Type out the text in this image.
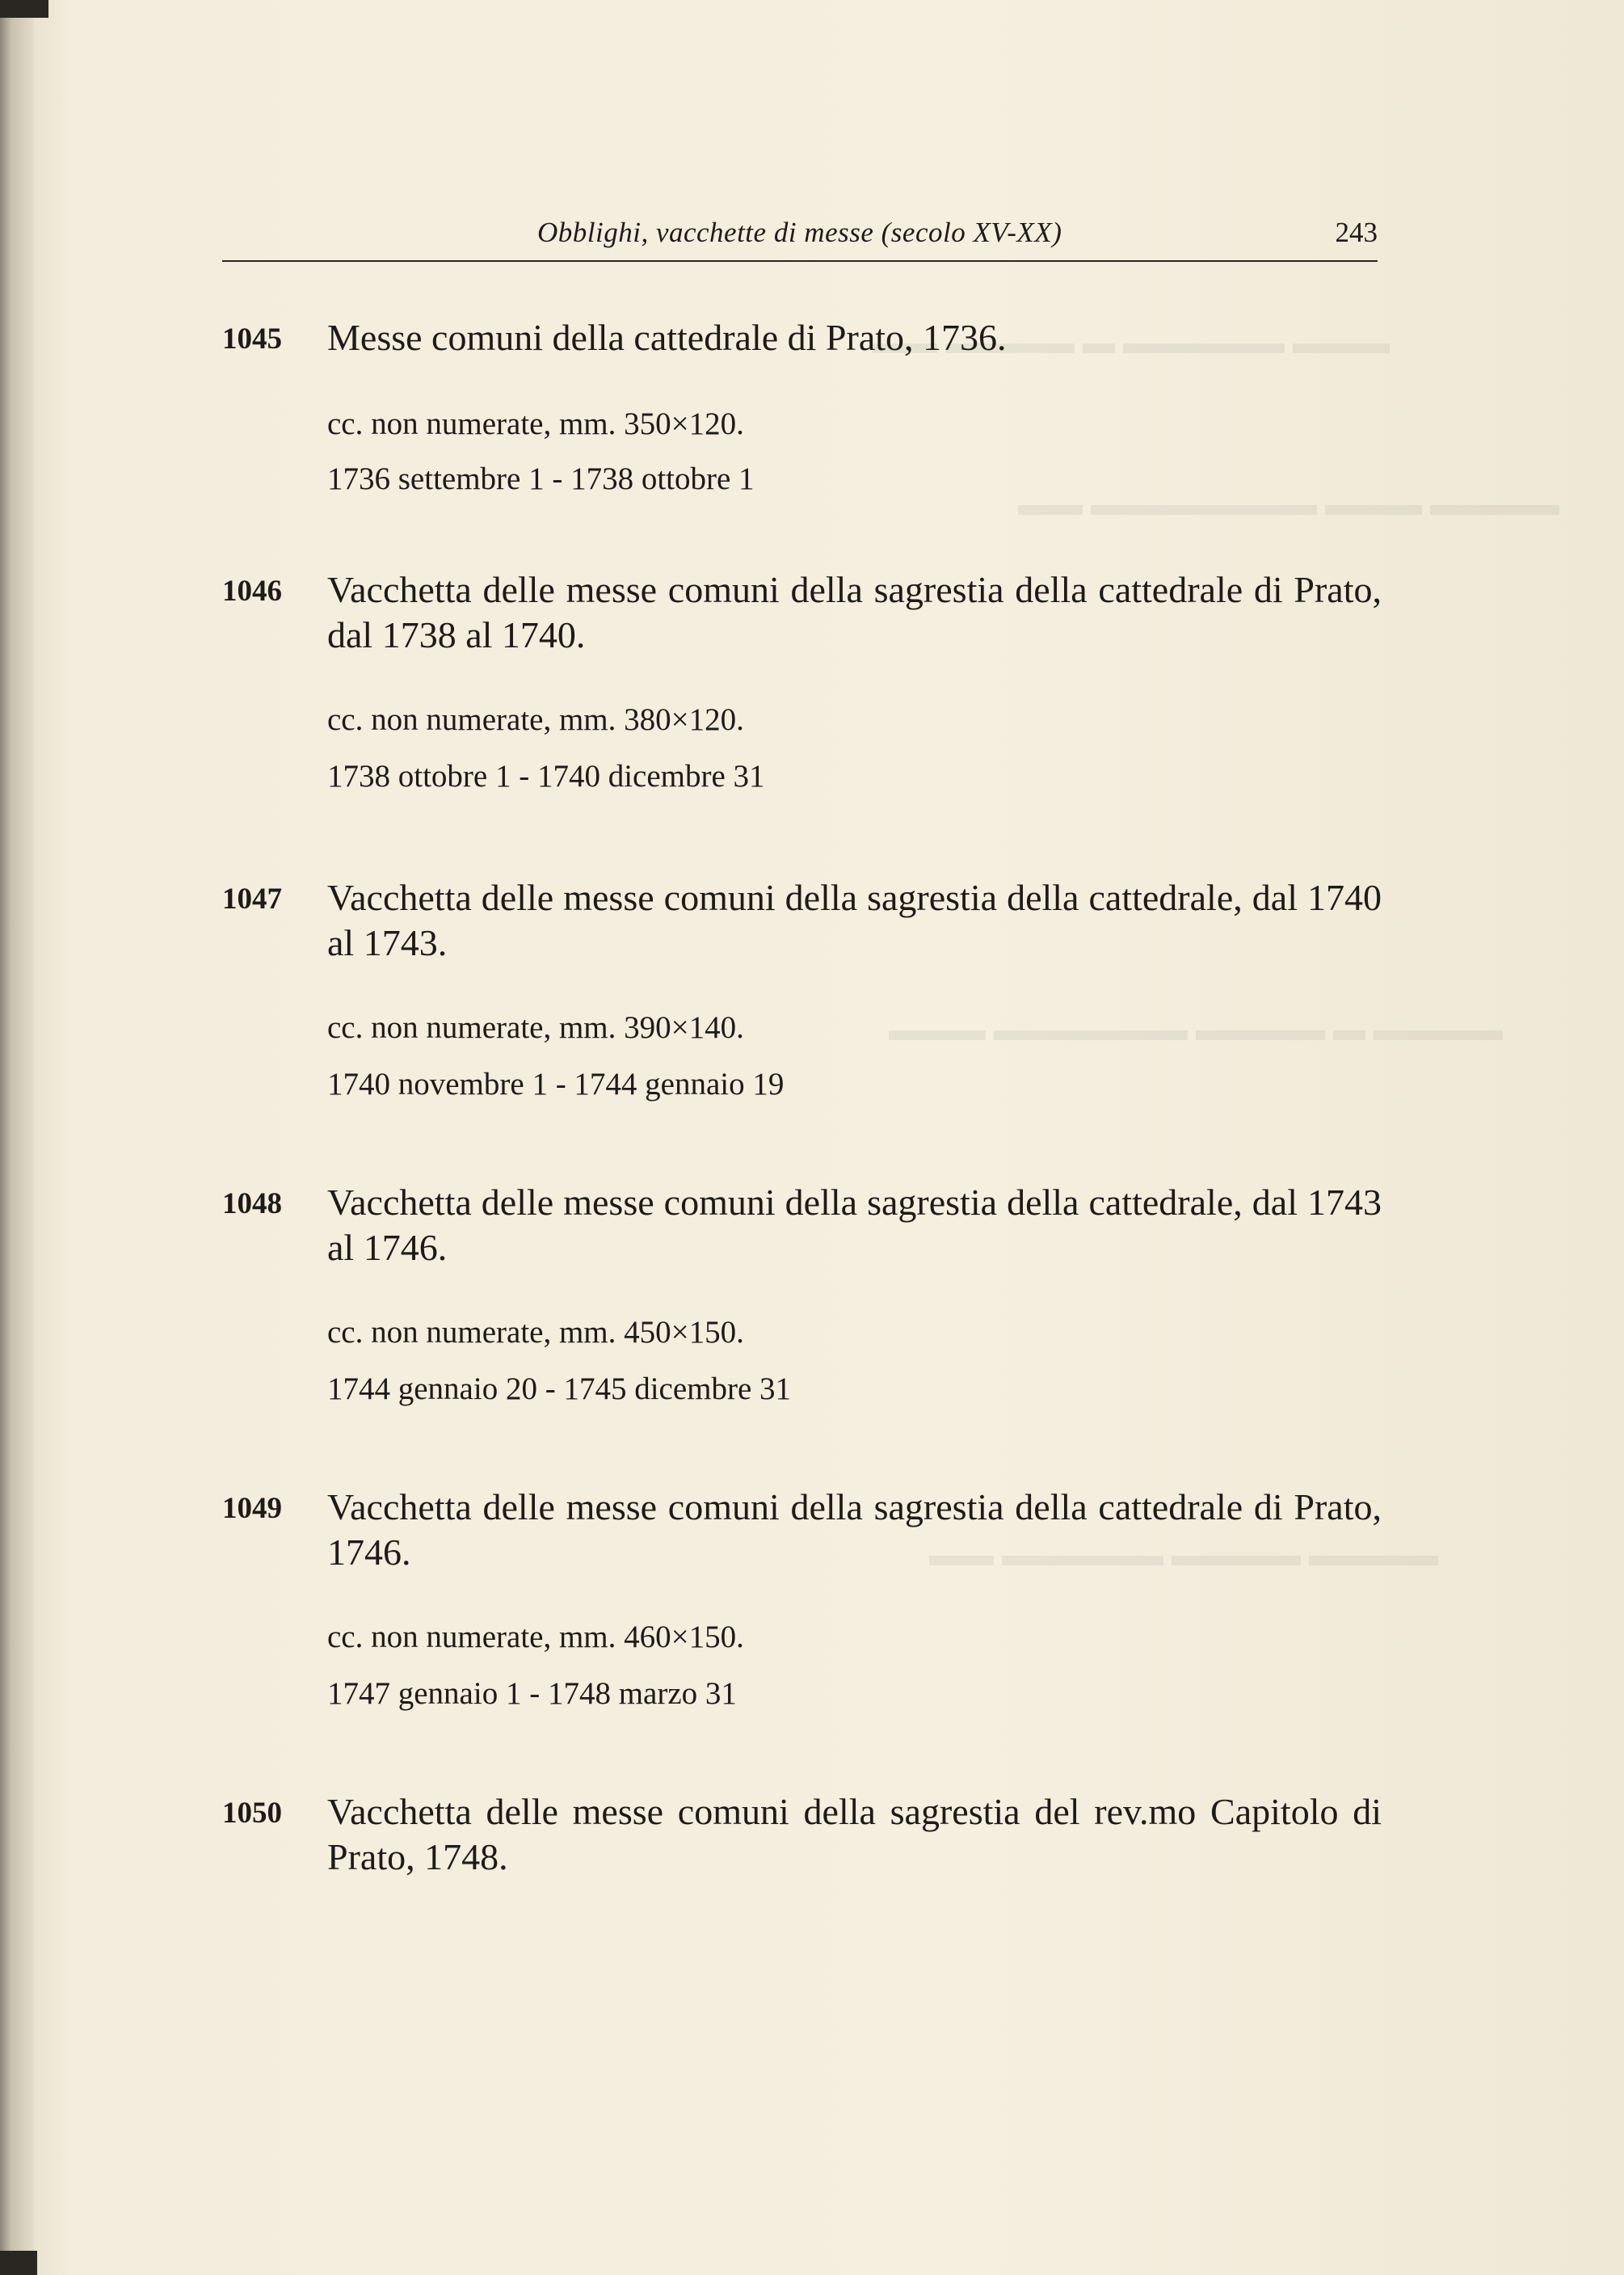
▬▬▬ ▬▬▬▬▬ ▬ ▬▬▬▬ ▬▬
▬▬▬▬ ▬▬▬ ▬▬▬▬▬▬▬ ▬▬
▬▬▬▬ ▬ ▬▬▬▬ ▬▬▬▬▬▬ ▬▬▬
▬▬▬▬ ▬▬▬▬ ▬▬▬▬▬ ▬▬
Obblighi, vacchette di messe (secolo XV-XX)	243
1045	Messe comuni della cattedrale di Prato, 1736.
cc. non numerate, mm. 350×120.
1736 settembre 1 - 1738 ottobre 1
1046	Vacchetta delle messe comuni della sagrestia della cattedrale di Prato, dal 1738 al 1740.
cc. non numerate, mm. 380×120.
1738 ottobre 1 - 1740 dicembre 31
1047	Vacchetta delle messe comuni della sagrestia della cattedrale, dal 1740 al 1743.
cc. non numerate, mm. 390×140.
1740 novembre 1 - 1744 gennaio 19
1048	Vacchetta delle messe comuni della sagrestia della cattedrale, dal 1743 al 1746.
cc. non numerate, mm. 450×150.
1744 gennaio 20 - 1745 dicembre 31
1049	Vacchetta delle messe comuni della sagrestia della cattedrale di Prato, 1746.
cc. non numerate, mm. 460×150.
1747 gennaio 1 - 1748 marzo 31
1050	Vacchetta delle messe comuni della sagrestia del rev.mo Capitolo di Prato, 1748.
